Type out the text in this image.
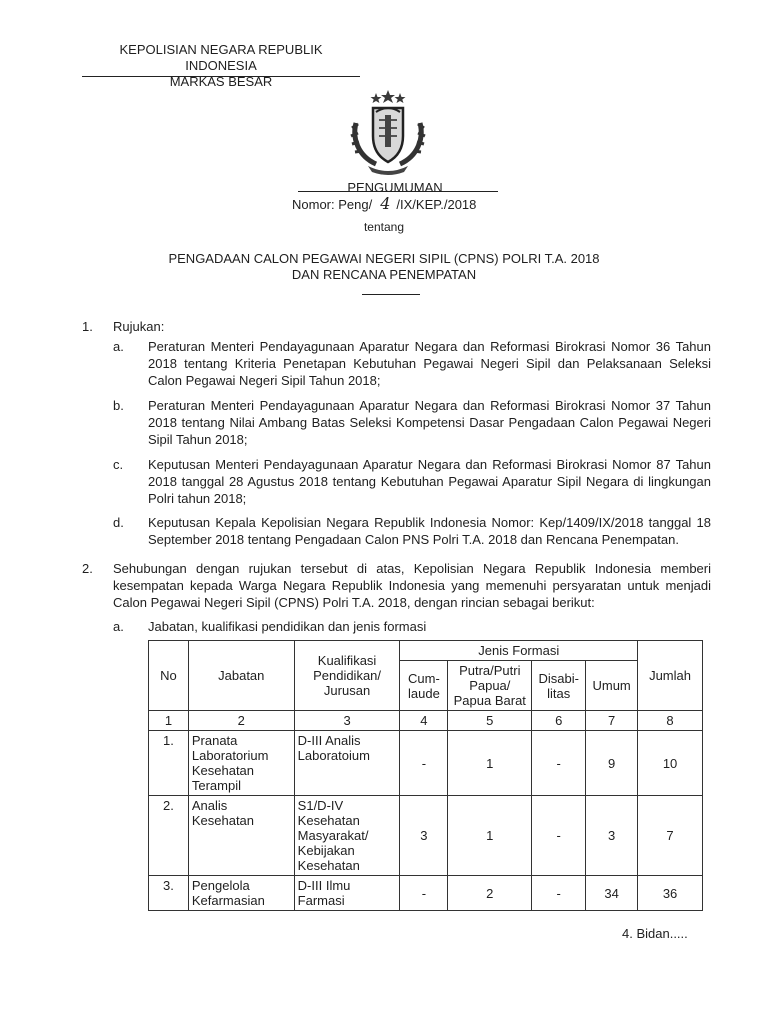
KEPOLISIAN NEGARA REPUBLIK INDONESIA
MARKAS BESAR
PENGUMUMAN
Nomor: Peng/ 4 /IX/KEP./2018
tentang
PENGADAAN CALON PEGAWAI NEGERI SIPIL (CPNS) POLRI T.A. 2018
DAN RENCANA PENEMPATAN
1. Rujukan:
a. Peraturan Menteri Pendayagunaan Aparatur Negara dan Reformasi Birokrasi Nomor 36 Tahun 2018 tentang Kriteria Penetapan Kebutuhan Pegawai Negeri Sipil dan Pelaksanaan Seleksi Calon Pegawai Negeri Sipil Tahun 2018;
b. Peraturan Menteri Pendayagunaan Aparatur Negara dan Reformasi Birokrasi Nomor 37 Tahun 2018 tentang Nilai Ambang Batas Seleksi Kompetensi Dasar Pengadaan Calon Pegawai Negeri Sipil Tahun 2018;
c. Keputusan Menteri Pendayagunaan Aparatur Negara dan Reformasi Birokrasi Nomor 87 Tahun 2018 tanggal 28 Agustus 2018 tentang Kebutuhan Pegawai Aparatur Sipil Negara di lingkungan Polri tahun 2018;
d. Keputusan Kepala Kepolisian Negara Republik Indonesia Nomor: Kep/1409/IX/2018 tanggal 18 September 2018 tentang Pengadaan Calon PNS Polri T.A. 2018 dan Rencana Penempatan.
2. Sehubungan dengan rujukan tersebut di atas, Kepolisian Negara Republik Indonesia memberi kesempatan kepada Warga Negara Republik Indonesia yang memenuhi persyaratan untuk menjadi Calon Pegawai Negeri Sipil (CPNS) Polri T.A. 2018, dengan rincian sebagai berikut:
a. Jabatan, kualifikasi pendidikan dan jenis formasi
No	Jabatan	Kualifikasi Pendidikan/ Jurusan	Jenis Formasi				Jumlah
			Cum-laude	Putra/Putri Papua/ Papua Barat	Disabi-litas	Umum	
1	2	3	4	5	6	7	8
1.	Pranata Laboratorium Kesehatan Terampil	D-III Analis Laboratoium	-	1	-	9	10
2.	Analis Kesehatan	S1/D-IV Kesehatan Masyarakat/ Kebijakan Kesehatan	3	1	-	3	7
3.	Pengelola Kefarmasian	D-III Ilmu Farmasi	-	2	-	34	36
4. Bidan.....
